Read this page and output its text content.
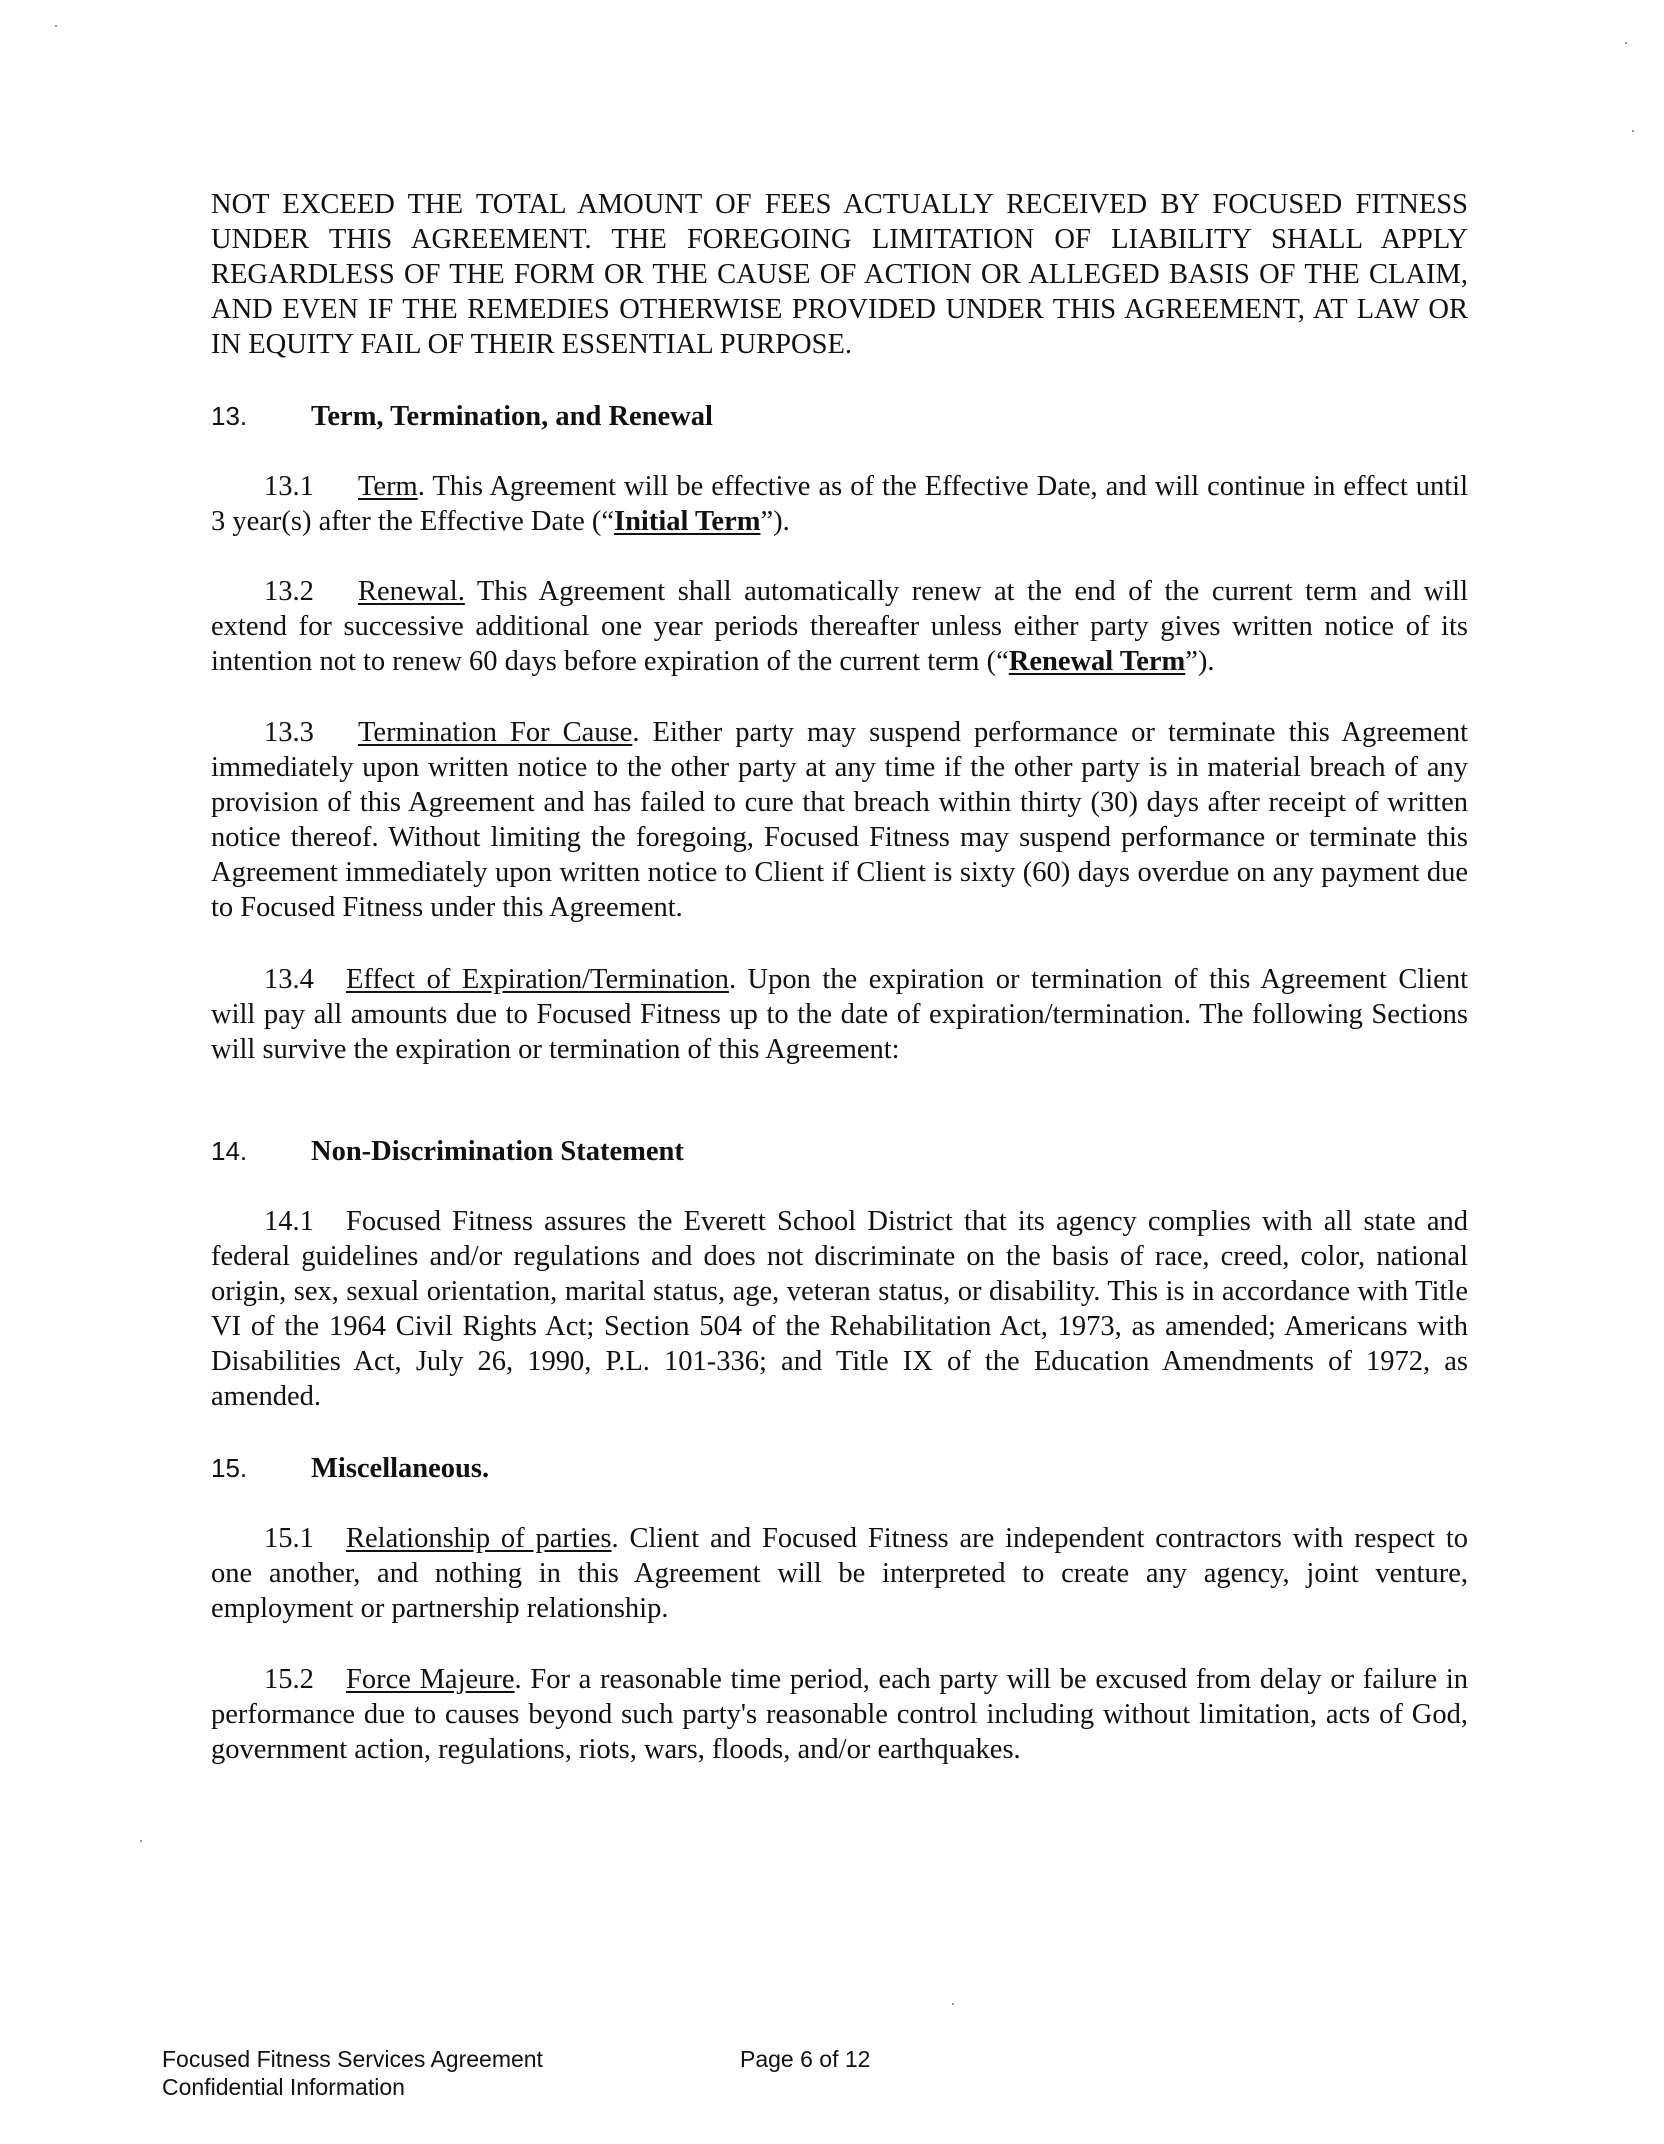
NOT EXCEED THE TOTAL AMOUNT OF FEES ACTUALLY RECEIVED BY FOCUSED FITNESS UNDER THIS AGREEMENT. THE FOREGOING LIMITATION OF LIABILITY SHALL APPLY REGARDLESS OF THE FORM OR THE CAUSE OF ACTION OR ALLEGED BASIS OF THE CLAIM, AND EVEN IF THE REMEDIES OTHERWISE PROVIDED UNDER THIS AGREEMENT, AT LAW OR IN EQUITY FAIL OF THEIR ESSENTIAL PURPOSE.

13. Term, Termination, and Renewal

13.1 Term. This Agreement will be effective as of the Effective Date, and will continue in effect until 3 year(s) after the Effective Date (“Initial Term”).

13.2 Renewal. This Agreement shall automatically renew at the end of the current term and will extend for successive additional one year periods thereafter unless either party gives written notice of its intention not to renew 60 days before expiration of the current term (“Renewal Term”).

13.3 Termination For Cause. Either party may suspend performance or terminate this Agreement immediately upon written notice to the other party at any time if the other party is in material breach of any provision of this Agreement and has failed to cure that breach within thirty (30) days after receipt of written notice thereof. Without limiting the foregoing, Focused Fitness may suspend performance or terminate this Agreement immediately upon written notice to Client if Client is sixty (60) days overdue on any payment due to Focused Fitness under this Agreement.

13.4 Effect of Expiration/Termination. Upon the expiration or termination of this Agreement Client will pay all amounts due to Focused Fitness up to the date of expiration/termination. The following Sections will survive the expiration or termination of this Agreement:

14. Non-Discrimination Statement

14.1 Focused Fitness assures the Everett School District that its agency complies with all state and federal guidelines and/or regulations and does not discriminate on the basis of race, creed, color, national origin, sex, sexual orientation, marital status, age, veteran status, or disability. This is in accordance with Title VI of the 1964 Civil Rights Act; Section 504 of the Rehabilitation Act, 1973, as amended; Americans with Disabilities Act, July 26, 1990, P.L. 101-336; and Title IX of the Education Amendments of 1972, as amended.

15. Miscellaneous.

15.1 Relationship of parties. Client and Focused Fitness are independent contractors with respect to one another, and nothing in this Agreement will be interpreted to create any agency, joint venture, employment or partnership relationship.

15.2 Force Majeure. For a reasonable time period, each party will be excused from delay or failure in performance due to causes beyond such party's reasonable control including without limitation, acts of God, government action, regulations, riots, wars, floods, and/or earthquakes.

Focused Fitness Services Agreement
Confidential Information
Page 6 of 12
